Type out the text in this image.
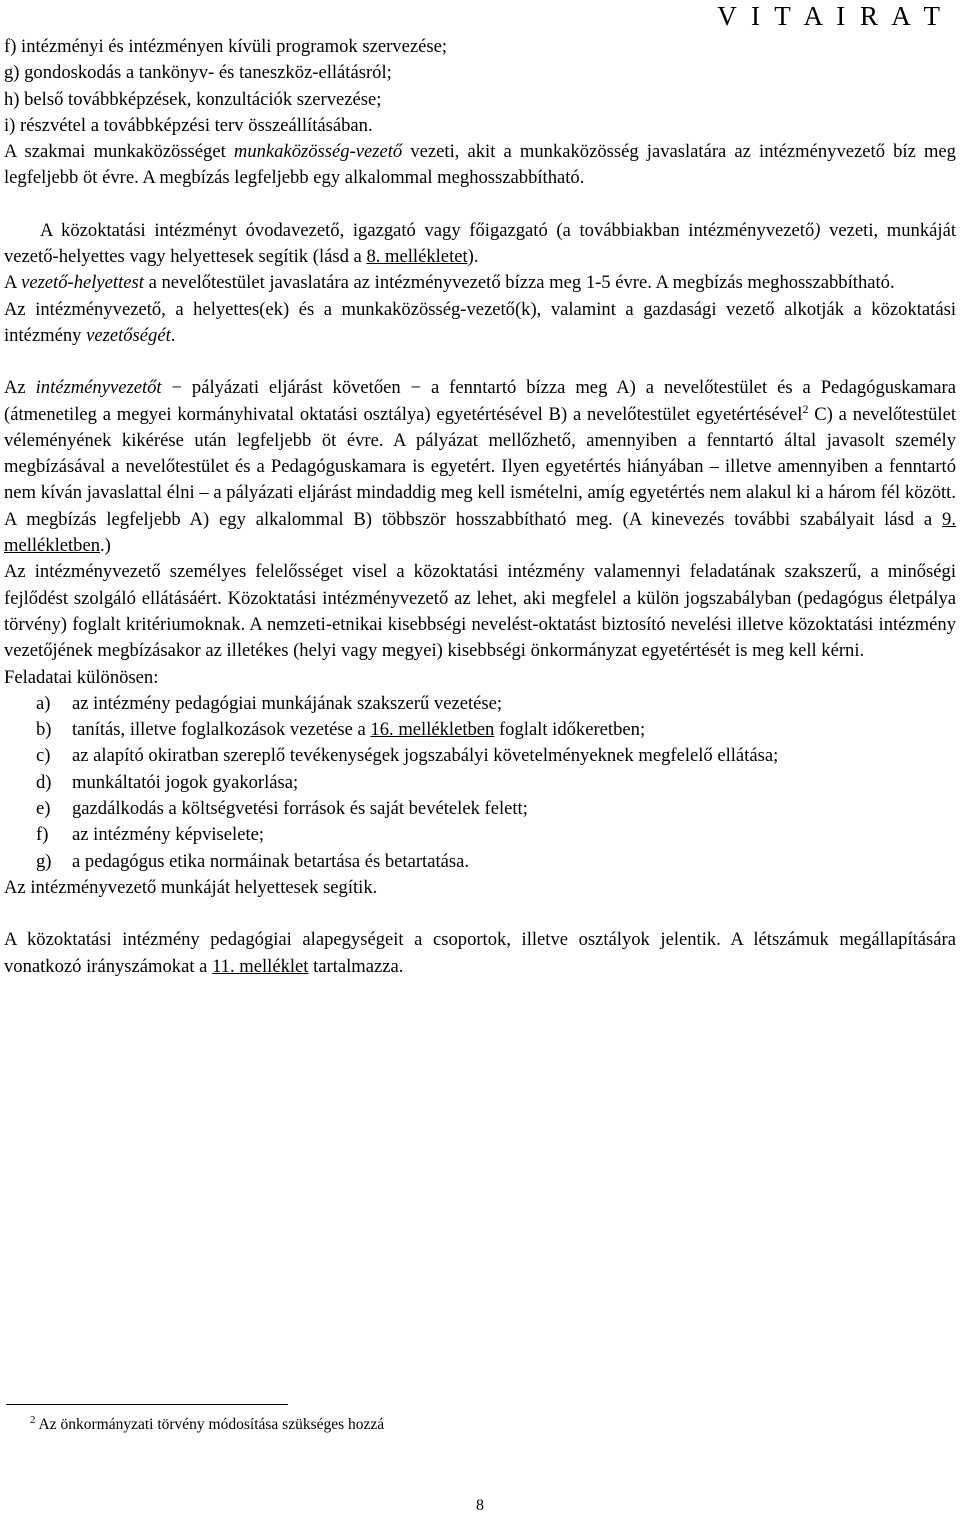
V I T A I R A T

f) intézményi és intézményen kívüli programok szervezése;

g) gondoskodás a tankönyv- és taneszköz-ellátásról;

h) belső továbbképzések, konzultációk szervezése;

i) részvétel a továbbképzési terv összeállításában.

A szakmai munkaközösséget munkaközösség-vezető vezeti, akit a munkaközösség javaslatára az intézményvezető bíz meg legfeljebb öt évre. A megbízás legfeljebb egy alkalommal meghosszabbítható.

A közoktatási intézményt óvodavezető, igazgató vagy főigazgató (a továbbiakban intézményvezető) vezeti, munkáját vezető-helyettes vagy helyettesek segítik (lásd a 8. mellékletet).

A vezető-helyettest a nevelőtestület javaslatára az intézményvezető bízza meg 1-5 évre. A megbízás meghosszabbítható.

Az intézményvezető, a helyettes(ek) és a munkaközösség-vezető(k), valamint a gazdasági vezető alkotják a közoktatási intézmény vezetőségét.

Az intézményvezetőt − pályázati eljárást követően − a fenntartó bízza meg A) a nevelőtestület és a Pedagóguskamara (átmenetileg a megyei kormányhivatal oktatási osztálya) egyetértésével B) a nevelőtestület egyetértésével$^2$ C) a nevelőtestület véleményének kikérése után legfeljebb öt évre. A pályázat mellőzhető, amennyiben a fenntartó által javasolt személy megbízásával a nevelőtestület és a Pedagóguskamara is egyetért. Ilyen egyetértés hiányában – illetve amennyiben a fenntartó nem kíván javaslattal élni – a pályázati eljárást mindaddig meg kell ismételni, amíg egyetértés nem alakul ki a három fél között. A megbízás legfeljebb A) egy alkalommal B) többször hosszabbítható meg. (A kinevezés további szabályait lásd a 9. mellékletben.)

Az intézményvezető személyes felelősséget visel a közoktatási intézmény valamennyi feladatának szakszerű, a minőségi fejlődést szolgáló ellátásáért. Közoktatási intézményvezető az lehet, aki megfelel a külön jogszabályban (pedagógus életpálya törvény) foglalt kritériumoknak. A nemzeti-etnikai kisebbségi nevelést-oktatást biztosító nevelési illetve közoktatási intézmény vezetőjének megbízásakor az illetékes (helyi vagy megyei) kisebbségi önkormányzat egyetértését is meg kell kérni.

Feladatai különösen:

a)	az intézmény pedagógiai munkájának szakszerű vezetése;
b)	tanítás, illetve foglalkozások vezetése a 16. mellékletben foglalt időkeretben;
c)	az alapító okiratban szereplő tevékenységek jogszabályi követelményeknek megfelelő ellátása;
d)	munkáltatói jogok gyakorlása;
e)	gazdálkodás a költségvetési források és saját bevételek felett;
f)	az intézmény képviselete;
g)	a pedagógus etika normáinak betartása és betartatása.

Az intézményvezető munkáját helyettesek segítik.

A közoktatási intézmény pedagógiai alapegységeit a csoportok, illetve osztályok jelentik. A létszámuk megállapítására vonatkozó irányszámokat a 11. melléklet tartalmazza.

$^2$ Az önkormányzati törvény módosítása szükséges hozzá
8
